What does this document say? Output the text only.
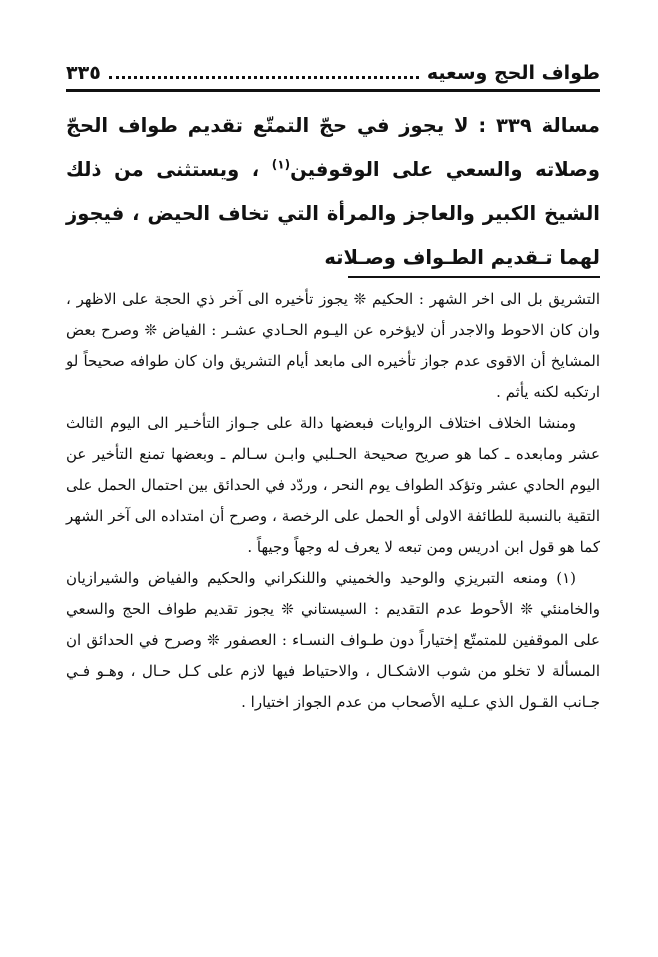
طواف الحج وسعيه
٣٣٥

مسالة ٣٣٩ : لا يجوز في حجّ التمتّع تقديم طواف الحجّ وصلاته والسعي على الوقوفين$^{(١)}$ ، ويستثنى من ذلك الشيخ الكبير والعاجز والمرأة التي تخاف الحيض ، فيجوز لهما تـقديم الطـواف وصـلاته

التشريق بل الى اخر الشهر : الحكيم ❊ يجوز تأخيره الى آخر ذي الحجة على الاظهر ، وان كان الاحوط والاجدر أن لايؤخره عن اليـوم الحـادي عشـر : الفياض ❊ وصرح بعض المشايخ أن الاقوى عدم جواز تأخيره الى مابعد أيام التشريق وان كان طوافه صحيحاً لو ارتكبه لكنه يأثم .

ومنشا الخلاف اختلاف الروايات فبعضها دالة على جـواز التأخـير الى اليوم الثالث عشر ومابعده ـ كما هو صريح صحيحة الحـلبي وابـن سـالم ـ وبعضها تمنع التأخير عن اليوم الحادي عشر وتؤكد الطواف يوم النحر ، وردّد في الحدائق بين احتمال الحمل على التقية بالنسبة للطائفة الاولى أو الحمل على الرخصة ، وصرح أن امتداده الى آخر الشهر كما هو قول ابن ادريس ومن تبعه لا يعرف له وجهاً وجيهاً .

(١) ومنعه التبريزي والوحيد والخميني واللنكراني والحكيم والفياض والشيرازيان والخامنئي ❊ الأحوط عدم التقديم : السيستاني ❊ يجوز تقديم طواف الحج والسعي على الموقفين للمتمتّع إختياراً دون طـواف النسـاء : العصفور ❊ وصرح في الحدائق ان المسألة لا تخلو من شوب الاشكـال ، والاحتياط فيها لازم على كـل حـال ، وهـو فـي جـانب القـول الذي عـليه الأصحاب من عدم الجواز اختيارا .
